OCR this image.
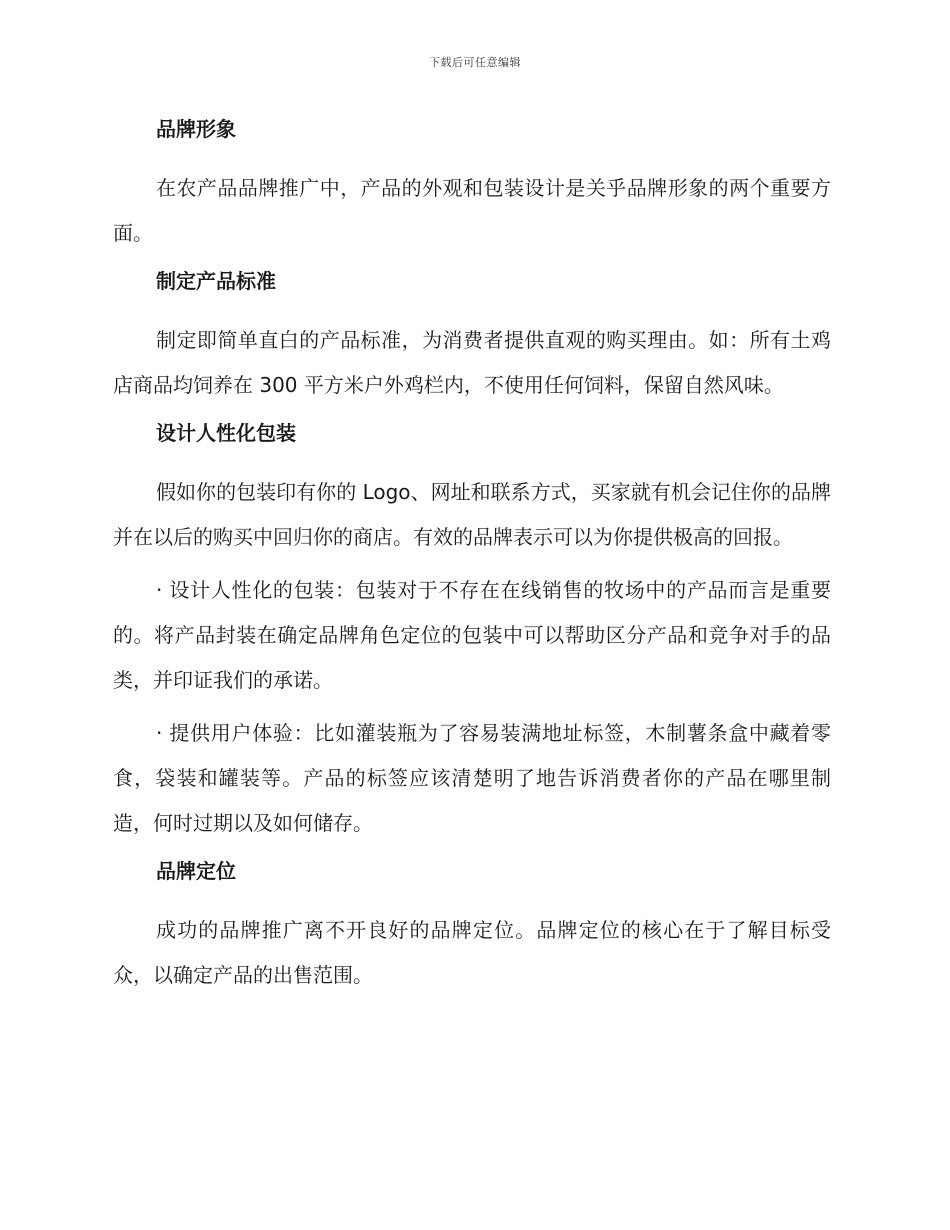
下载后可任意编辑
品牌形象

在农产品品牌推广中，产品的外观和包装设计是关乎品牌形象的两个重要方面。

制定产品标准

制定即简单直白的产品标准，为消费者提供直观的购买理由。如：所有土鸡店商品均饲养在 300 平方米户外鸡栏内，不使用任何饲料，保留自然风味。

设计人性化包装

假如你的包装印有你的 Logo、网址和联系方式，买家就有机会记住你的品牌并在以后的购买中回归你的商店。有效的品牌表示可以为你提供极高的回报。

· 设计人性化的包装：包装对于不存在在线销售的牧场中的产品而言是重要的。将产品封装在确定品牌角色定位的包装中可以帮助区分产品和竞争对手的品类，并印证我们的承诺。

· 提供用户体验：比如灌装瓶为了容易装满地址标签，木制薯条盒中藏着零食，袋装和罐装等。产品的标签应该清楚明了地告诉消费者你的产品在哪里制造，何时过期以及如何储存。

品牌定位

成功的品牌推广离不开良好的品牌定位。品牌定位的核心在于了解目标受众，以确定产品的出售范围。
